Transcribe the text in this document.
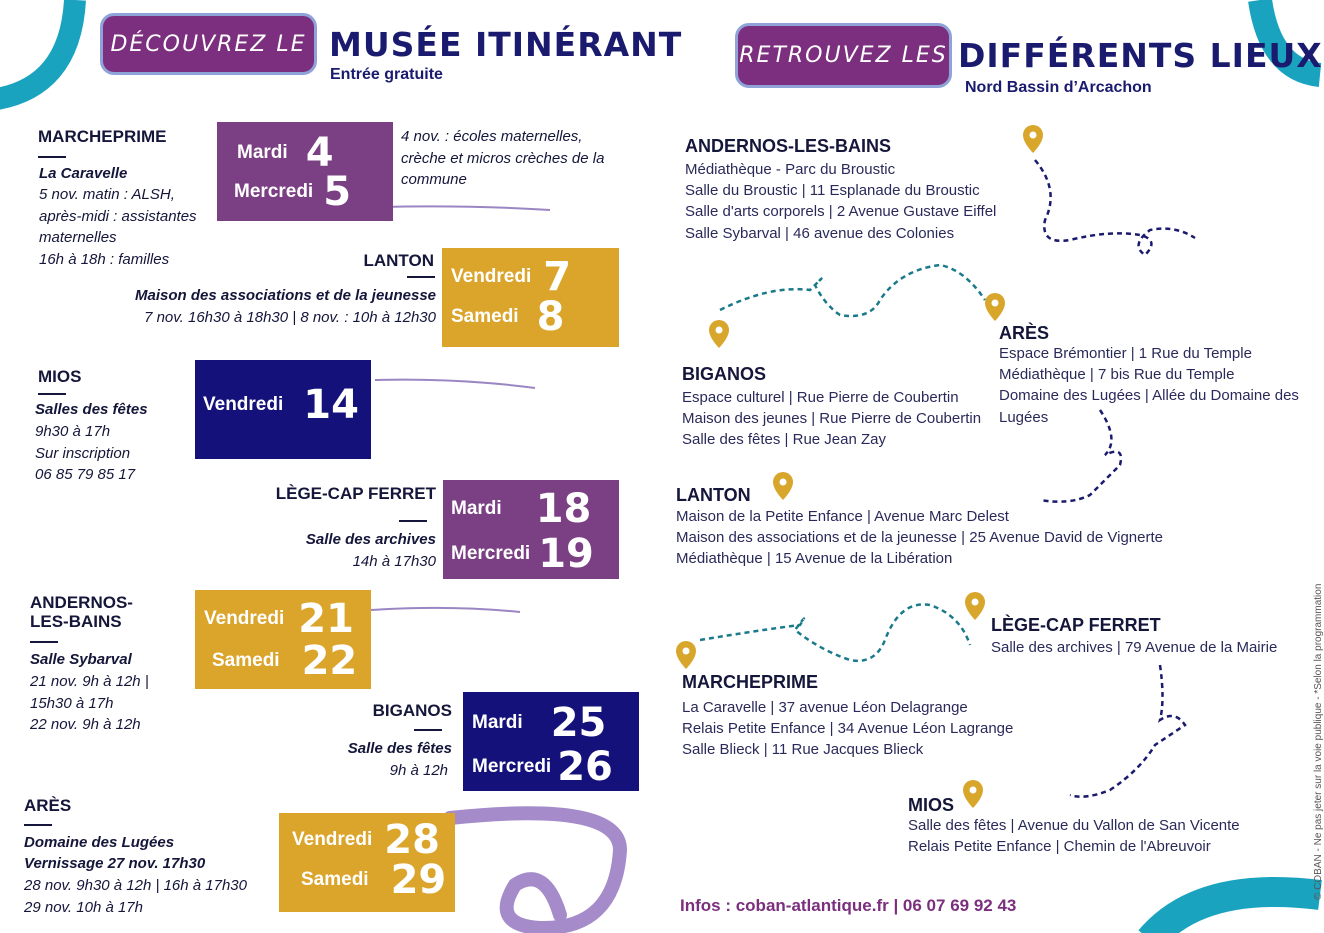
DÉCOUVREZ LE MUSÉE ITINÉRANT
Entrée gratuite
RETROUVEZ LES DIFFÉRENTS LIEUX
Nord Bassin d’Arcachon
MARCHEPRIME
La Caravelle
5 nov. matin : ALSH,
après-midi : assistantes
maternelles
16h à 18h : familles
Mardi 4
Mercredi 5
4 nov. : écoles maternelles,
crèche et micros crèches de la
commune
LANTON
Maison des associations et de la jeunesse
7 nov. 16h30 à 18h30 | 8 nov. : 10h à 12h30
Vendredi 7
Samedi 8
MIOS
Salles des fêtes
9h30 à 17h
Sur inscription
06 85 79 85 17
Vendredi 14
LÈGE-CAP FERRET
Salle des archives
14h à 17h30
Mardi 18
Mercredi 19
ANDERNOS-
LES-BAINS
Salle Sybarval
21 nov. 9h à 12h |
15h30 à 17h
22 nov. 9h à 12h
Vendredi 21
Samedi 22
BIGANOS
Salle des fêtes
9h à 12h
Mardi 25
Mercredi 26
ARÈS
Domaine des Lugées
Vernissage 27 nov. 17h30
28 nov. 9h30 à 12h | 16h à 17h30
29 nov. 10h à 17h
Vendredi 28
Samedi 29
ANDERNOS-LES-BAINS
Médiathèque - Parc du Broustic
Salle du Broustic | 11 Esplanade du Broustic
Salle d'arts corporels | 2 Avenue Gustave Eiffel
Salle Sybarval | 46 avenue des Colonies
ARÈS
Espace Brémontier | 1 Rue du Temple
Médiathèque | 7 bis Rue du Temple
Domaine des Lugées | Allée du Domaine des
Lugées
BIGANOS
Espace culturel | Rue Pierre de Coubertin
Maison des jeunes | Rue Pierre de Coubertin
Salle des fêtes | Rue Jean Zay
LANTON
Maison de la Petite Enfance | Avenue Marc Delest
Maison des associations et de la jeunesse | 25 Avenue David de Vignerte
Médiathèque | 15 Avenue de la Libération
LÈGE-CAP FERRET
Salle des archives | 79 Avenue de la Mairie
MARCHEPRIME
La Caravelle | 37 avenue Léon Delagrange
Relais Petite Enfance | 34 Avenue Léon Lagrange
Salle Blieck | 11 Rue Jacques Blieck
MIOS
Salle des fêtes | Avenue du Vallon de San Vicente
Relais Petite Enfance | Chemin de l'Abreuvoir
Infos : coban-atlantique.fr | 06 07 69 92 43
© COBAN - Ne pas jeter sur la voie publique - *Selon la programmation
